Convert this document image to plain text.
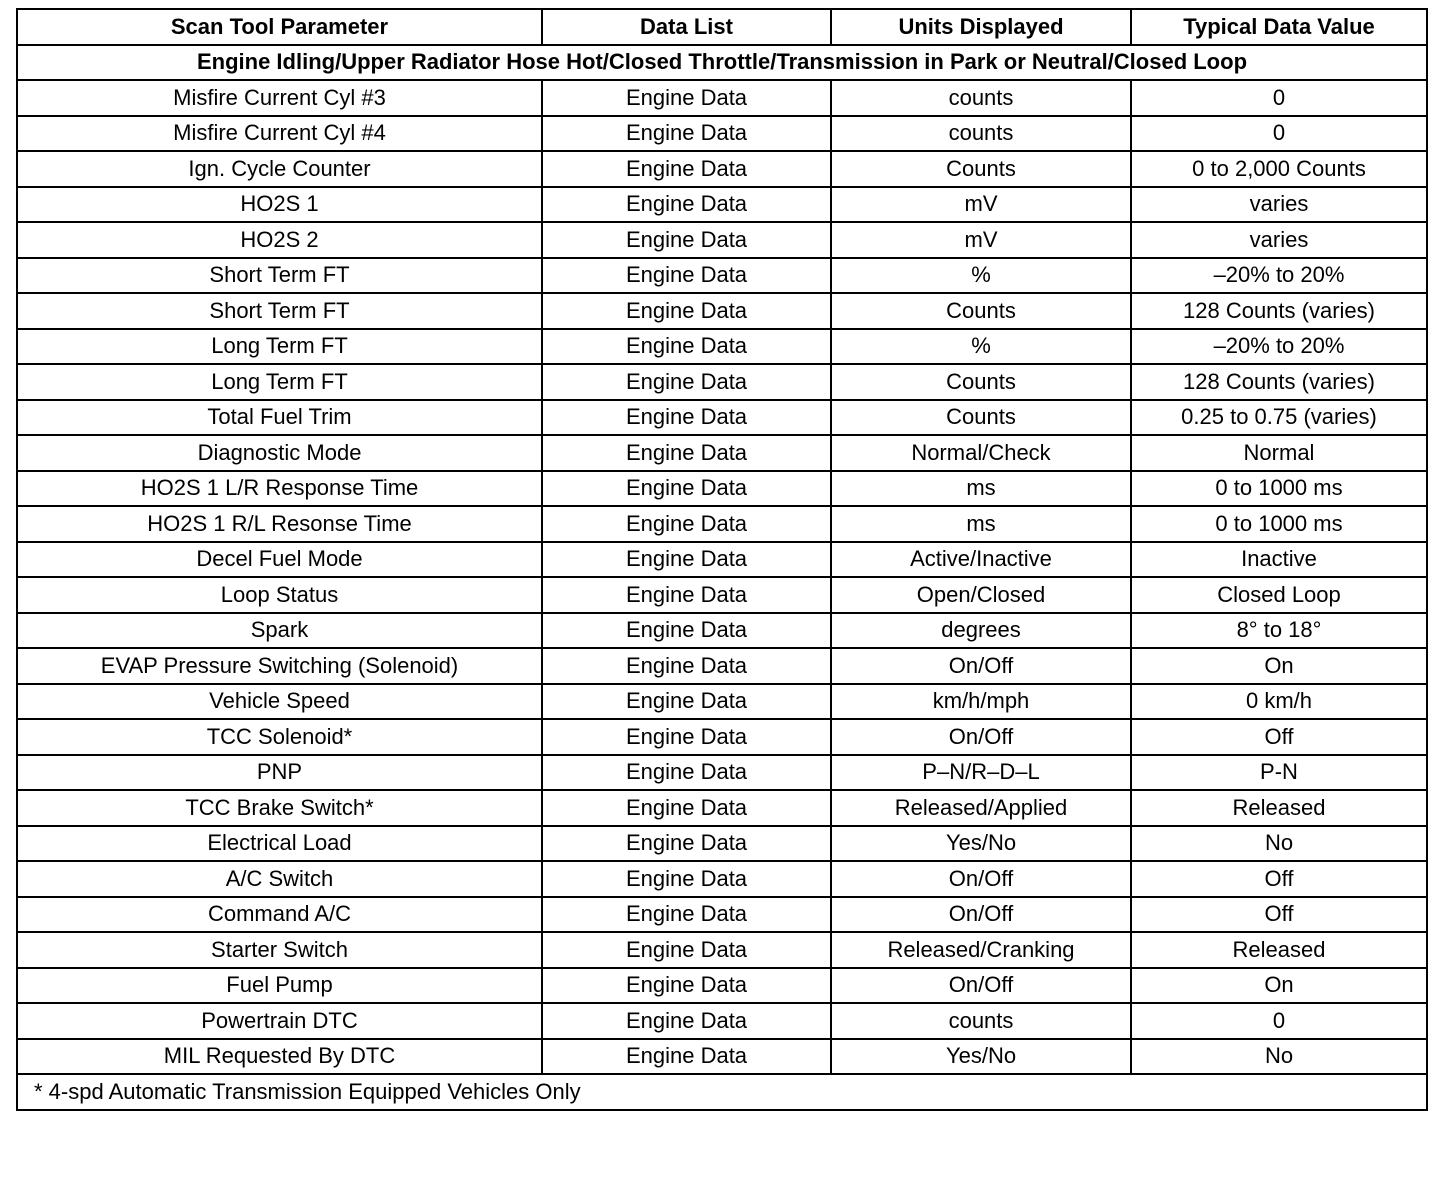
Scan Tool Parameter	Data List	Units Displayed	Typical Data Value
Engine Idling/Upper Radiator Hose Hot/Closed Throttle/Transmission in Park or Neutral/Closed Loop			
Misfire Current Cyl #3	Engine Data	counts	0
Misfire Current Cyl #4	Engine Data	counts	0
Ign. Cycle Counter	Engine Data	Counts	0 to 2,000 Counts
HO2S 1	Engine Data	mV	varies
HO2S 2	Engine Data	mV	varies
Short Term FT	Engine Data	%	–20% to 20%
Short Term FT	Engine Data	Counts	128 Counts (varies)
Long Term FT	Engine Data	%	–20% to 20%
Long Term FT	Engine Data	Counts	128 Counts (varies)
Total Fuel Trim	Engine Data	Counts	0.25 to 0.75 (varies)
Diagnostic Mode	Engine Data	Normal/Check	Normal
HO2S 1 L/R Response Time	Engine Data	ms	0 to 1000 ms
HO2S 1 R/L Resonse Time	Engine Data	ms	0 to 1000 ms
Decel Fuel Mode	Engine Data	Active/Inactive	Inactive
Loop Status	Engine Data	Open/Closed	Closed Loop
Spark	Engine Data	degrees	8° to 18°
EVAP Pressure Switching (Solenoid)	Engine Data	On/Off	On
Vehicle Speed	Engine Data	km/h/mph	0 km/h
TCC Solenoid*	Engine Data	On/Off	Off
PNP	Engine Data	P–N/R–D–L	P-N
TCC Brake Switch*	Engine Data	Released/Applied	Released
Electrical Load	Engine Data	Yes/No	No
A/C Switch	Engine Data	On/Off	Off
Command A/C	Engine Data	On/Off	Off
Starter Switch	Engine Data	Released/Cranking	Released
Fuel Pump	Engine Data	On/Off	On
Powertrain DTC	Engine Data	counts	0
MIL Requested By DTC	Engine Data	Yes/No	No
* 4-spd Automatic Transmission Equipped Vehicles Only			
